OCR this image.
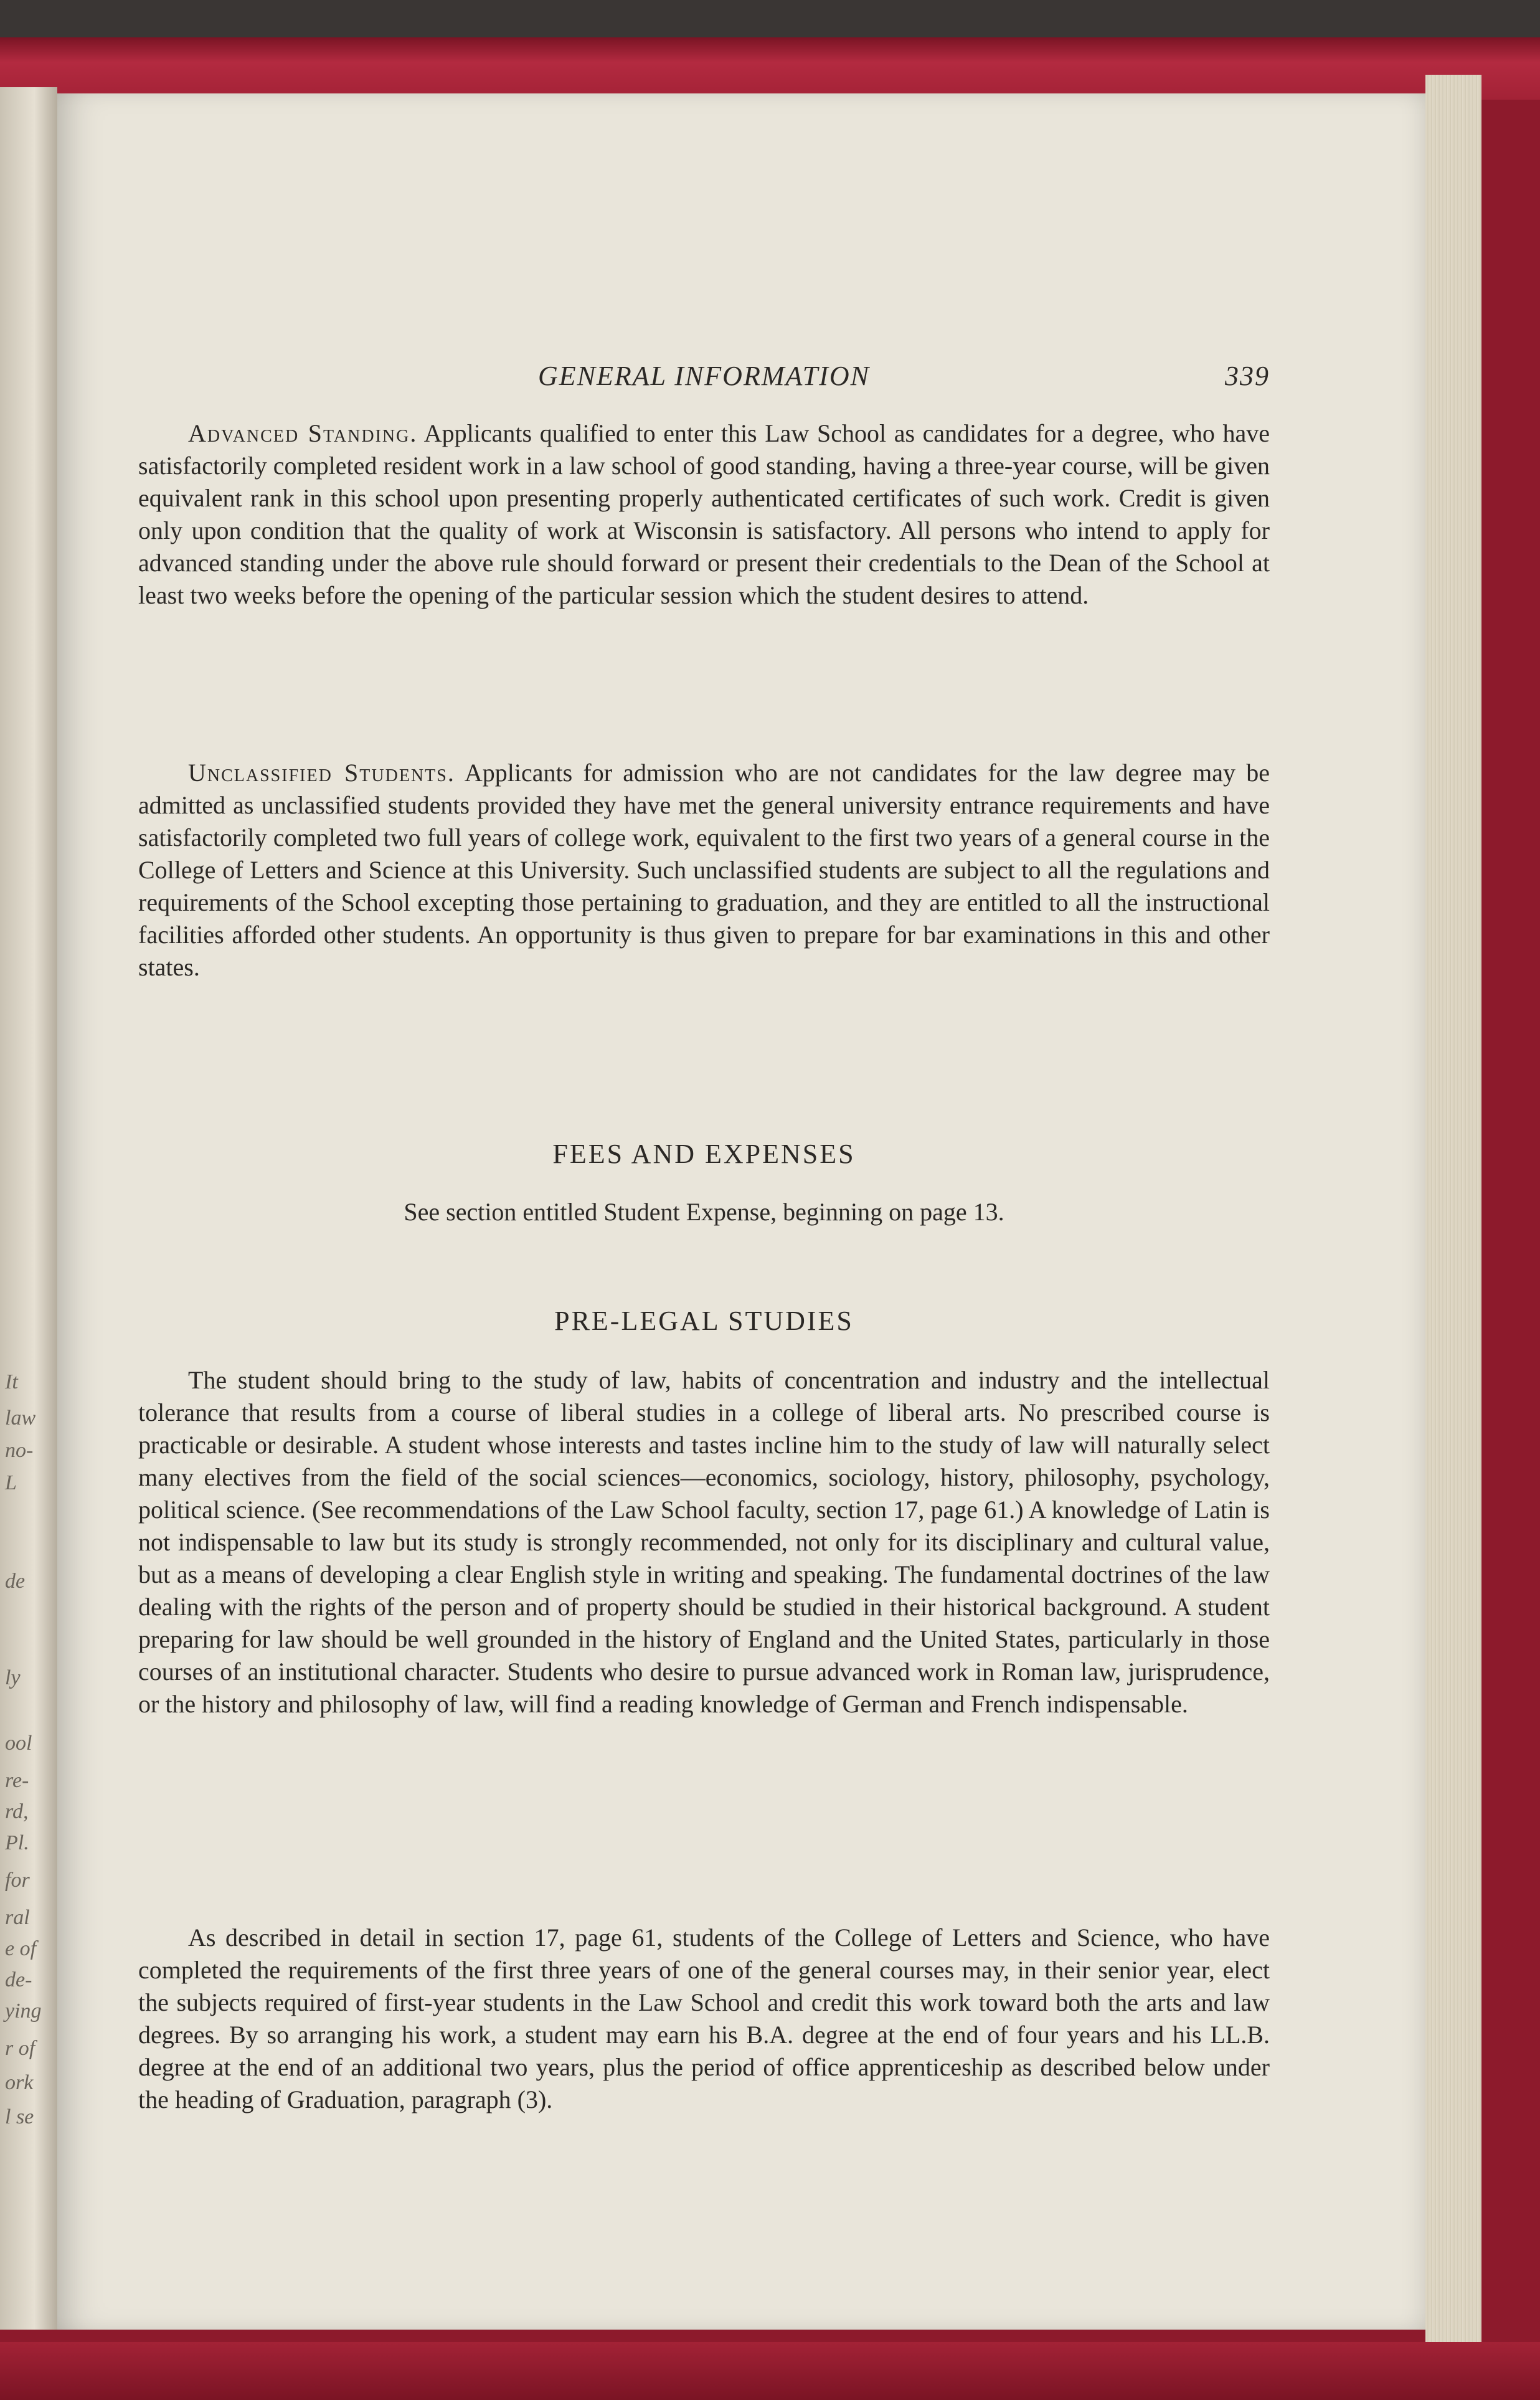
It
law
no-
L
de
ly
ool
re-
rd,
Pl.
for
ral
e of
de-
ying
r of
ork
l se
GENERAL INFORMATION	339

Advanced Standing. Applicants qualified to enter this Law School as candidates for a degree, who have satisfactorily completed resident work in a law school of good standing, having a three-year course, will be given equivalent rank in this school upon presenting properly authenticated certificates of such work. Credit is given only upon condition that the quality of work at Wisconsin is satisfactory. All persons who intend to apply for advanced standing under the above rule should forward or present their credentials to the Dean of the School at least two weeks before the opening of the particular session which the student desires to attend.

Unclassified Students. Applicants for admission who are not candidates for the law degree may be admitted as unclassified students provided they have met the general university entrance requirements and have satisfactorily completed two full years of college work, equivalent to the first two years of a general course in the College of Letters and Science at this University. Such unclassified students are subject to all the regulations and requirements of the School excepting those pertaining to graduation, and they are entitled to all the instructional facilities afforded other students. An opportunity is thus given to prepare for bar examinations in this and other states.

FEES AND EXPENSES
See section entitled Student Expense, beginning on page 13.
PRE-LEGAL STUDIES

The student should bring to the study of law, habits of concentration and industry and the intellectual tolerance that results from a course of liberal studies in a college of liberal arts. No prescribed course is practicable or desirable. A student whose interests and tastes incline him to the study of law will naturally select many electives from the field of the social sciences—economics, sociology, history, philosophy, psychology, political science. (See recommendations of the Law School faculty, section 17, page 61.) A knowledge of Latin is not indispensable to law but its study is strongly recommended, not only for its disciplinary and cultural value, but as a means of developing a clear English style in writing and speaking. The fundamental doctrines of the law dealing with the rights of the person and of property should be studied in their historical background. A student preparing for law should be well grounded in the history of England and the United States, particularly in those courses of an institutional character. Students who desire to pursue advanced work in Roman law, jurisprudence, or the history and philosophy of law, will find a reading knowledge of German and French indispensable.

As described in detail in section 17, page 61, students of the College of Letters and Science, who have completed the requirements of the first three years of one of the general courses may, in their senior year, elect the subjects required of first-year students in the Law School and credit this work toward both the arts and law degrees. By so arranging his work, a student may earn his B.A. degree at the end of four years and his LL.B. degree at the end of an additional two years, plus the period of office apprenticeship as described below under the heading of Graduation, paragraph (3).
